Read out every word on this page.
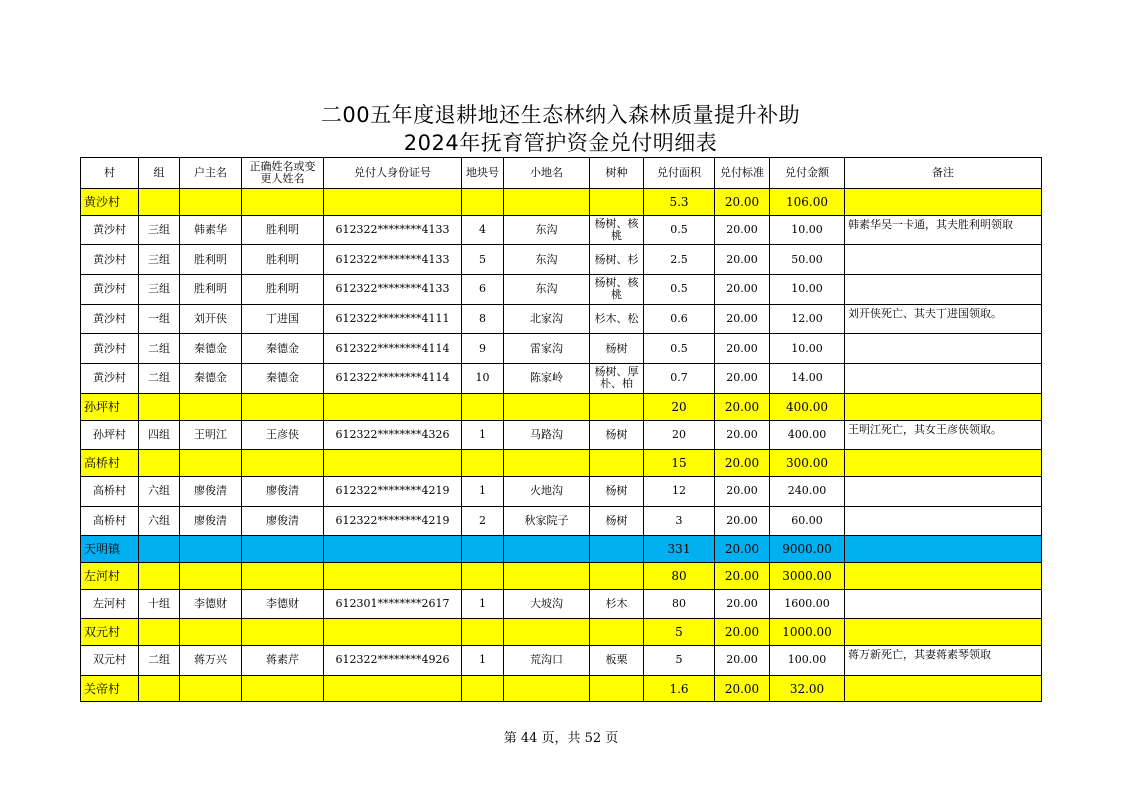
二00五年度退耕地还生态林纳入森林质量提升补助
2024年抚育管护资金兑付明细表
村	组	户主名	正确姓名或变更人姓名	兑付人身份证号	地块号	小地名	树种	兑付面积	兑付标准	兑付金额	备注
黄沙村								5.3	20.00	106.00	
黄沙村	三组	韩素华	胜利明	612322********4133	4	东沟	杨树、核桃	0.5	20.00	10.00	韩素华吴一卡通，其夫胜利明领取

黄沙村	三组	胜利明	胜利明	612322********4133	5	东沟	杨树、杉	2.5	20.00	50.00	

黄沙村	三组	胜利明	胜利明	612322********4133	6	东沟	杨树、核桃	0.5	20.00	10.00	

黄沙村	一组	刘开侠	丁进国	612322********4111	8	北家沟	杉木、松	0.6	20.00	12.00	刘开侠死亡、其夫丁进国领取。

黄沙村	二组	秦德金	秦德金	612322********4114	9	雷家沟	杨树	0.5	20.00	10.00	

黄沙村	二组	秦德金	秦德金	612322********4114	10	陈家岭	杨树、厚朴、柏	0.7	20.00	14.00	

孙坪村								20	20.00	400.00	
孙坪村	四组	王明江	王彦侠	612322********4326	1	马路沟	杨树	20	20.00	400.00	王明江死亡，其女王彦侠领取。

高桥村								15	20.00	300.00	
高桥村	六组	廖俊清	廖俊清	612322********4219	1	火地沟	杨树	12	20.00	240.00	

高桥村	六组	廖俊清	廖俊清	612322********4219	2	秋家院子	杨树	3	20.00	60.00	

天明镇								331	20.00	9000.00	
左河村								80	20.00	3000.00	
左河村	十组	李德财	李德财	612301********2617	1	大坡沟	杉木	80	20.00	1600.00	

双元村								5	20.00	1000.00	
双元村	二组	蒋万兴	蒋素芹	612322********4926	1	荒沟口	板栗	5	20.00	100.00	蒋万新死亡，其妻蒋素琴领取

关帝村								1.6	20.00	32.00	
第 44 页，共 52 页
